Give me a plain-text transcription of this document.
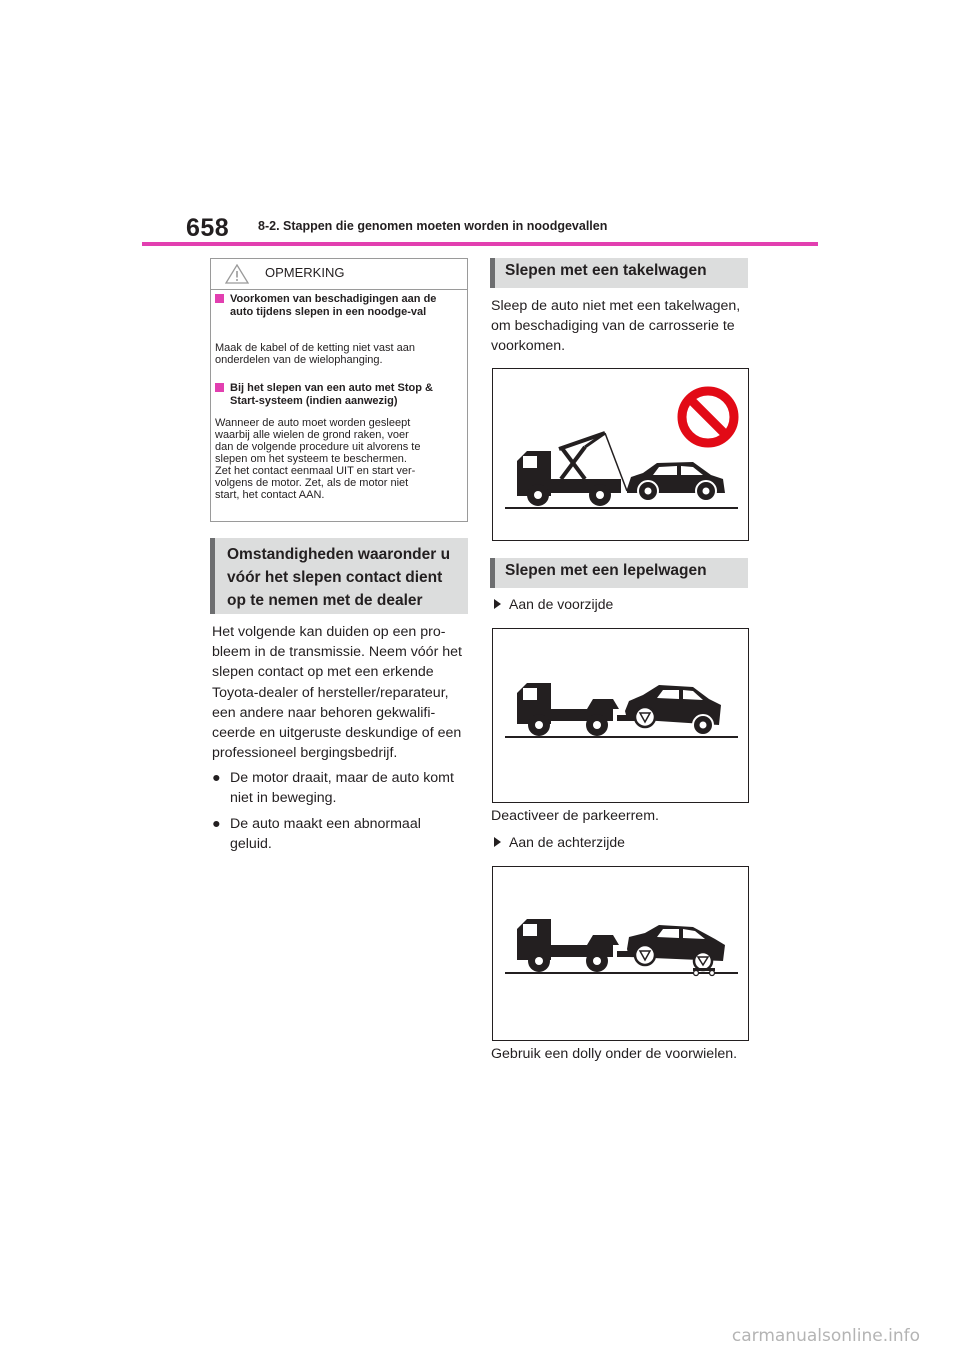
658 8-2. Stappen die genomen moeten worden in noodgevallen
OPMERKING
Voorkomen van beschadigingen aan de auto tijdens slepen in een noodge-val
Maak de kabel of de ketting niet vast aan
onderdelen van de wielophanging.
Bij het slepen van een auto met Stop & Start-systeem (indien aanwezig)
Wanneer de auto moet worden gesleept
waarbij alle wielen de grond raken, voer
dan de volgende procedure uit alvorens te
slepen om het systeem te beschermen.
Zet het contact eenmaal UIT en start ver-
volgens de motor. Zet, als de motor niet
start, het contact AAN.
Omstandigheden waaronder u
vóór het slepen contact dient
op te nemen met de dealer
Het volgende kan duiden op een pro-
bleem in de transmissie. Neem vóór het
slepen contact op met een erkende
Toyota-dealer of hersteller/reparateur,
een andere naar behoren gekwalifi-
ceerde en uitgeruste deskundige of een
professioneel bergingsbedrijf.
● De motor draait, maar de auto komt
niet in beweging.
● De auto maakt een abnormaal
geluid.
Slepen met een takelwagen
Sleep de auto niet met een takelwagen,
om beschadiging van de carrosserie te
voorkomen.
Slepen met een lepelwagen
Aan de voorzijde
Deactiveer de parkeerrem.
Aan de achterzijde
Gebruik een dolly onder de voorwielen.
carmanualsonline.info
